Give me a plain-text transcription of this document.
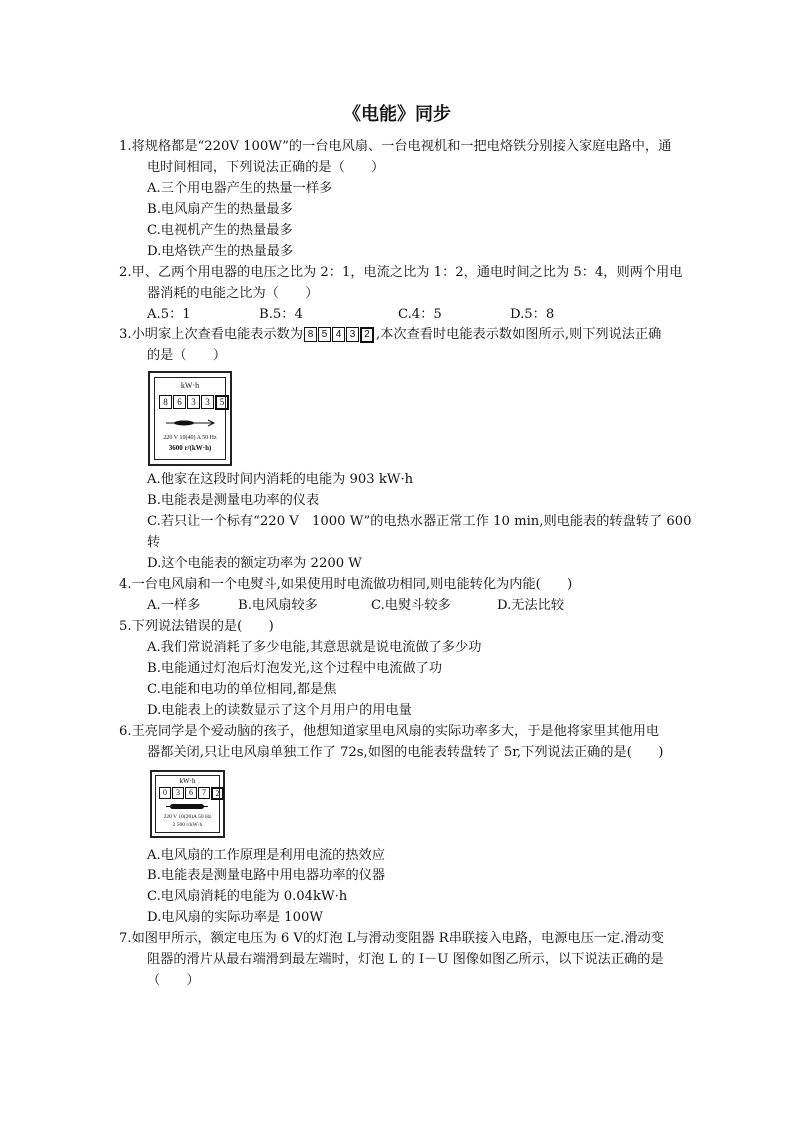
《电能》同步
1.将规格都是“220V 100W”的一台电风扇、一台电视机和一把电烙铁分别接入家庭电路中，通
电时间相同，下列说法正确的是（　　）
A.三个用电器产生的热量一样多
B.电风扇产生的热量最多
C.电视机产生的热量最多
D.电烙铁产生的热量最多
2.甲、乙两个用电器的电压之比为 2：1，电流之比为 1：2，通电时间之比为 5：4，则两个用电
器消耗的电能之比为（　　）
A.5：1	B.5：4	C.4：5	D.5：8
3.小明家上次查看电能表示数为 8 5 4 3 2 ,本次查看时电能表示数如图所示,则下列说法正确
的是（　　）
kW·h
8	6	3	3	5
220 V 10(40) A 50 Hz
3600 r/(kW·h)
A.他家在这段时间内消耗的电能为 903 kW·h
B.电能表是测量电功率的仪表
C.若只让一个标有“220 V　1000 W”的电热水器正常工作 10 min,则电能表的转盘转了 600
转
D.这个电能表的额定功率为 2200 W
4.一台电风扇和一个电熨斗,如果使用时电流做功相同,则电能转化为内能(　　)
A.一样多	B.电风扇较多	C.电熨斗较多	D.无法比较
5.下列说法错误的是(　　)
A.我们常说消耗了多少电能,其意思就是说电流做了多少功
B.电能通过灯泡后灯泡发光,这个过程中电流做了功
C.电能和电功的单位相同,都是焦
D.电能表上的读数显示了这个月用户的用电量
6.王亮同学是个爱动脑的孩子，他想知道家里电风扇的实际功率多大，于是他将家里其他用电
器都关闭,只让电风扇单独工作了 72s,如图的电能表转盘转了 5r,下列说法正确的是(　　)
kW·h
0	3	6	7	2
220 V 10(20)A 50 Hz
2 500 r/kW·h
A.电风扇的工作原理是利用电流的热效应
B.电能表是测量电路中用电器功率的仪器
C.电风扇消耗的电能为 0.04kW·h
D.电风扇的实际功率是 100W
7.如图甲所示，额定电压为 6 V的灯泡 L与滑动变阻器 R串联接入电路，电源电压一定.滑动变
阻器的滑片从最右端滑到最左端时，灯泡 L 的 I－U 图像如图乙所示，以下说法正确的是
（　　）
